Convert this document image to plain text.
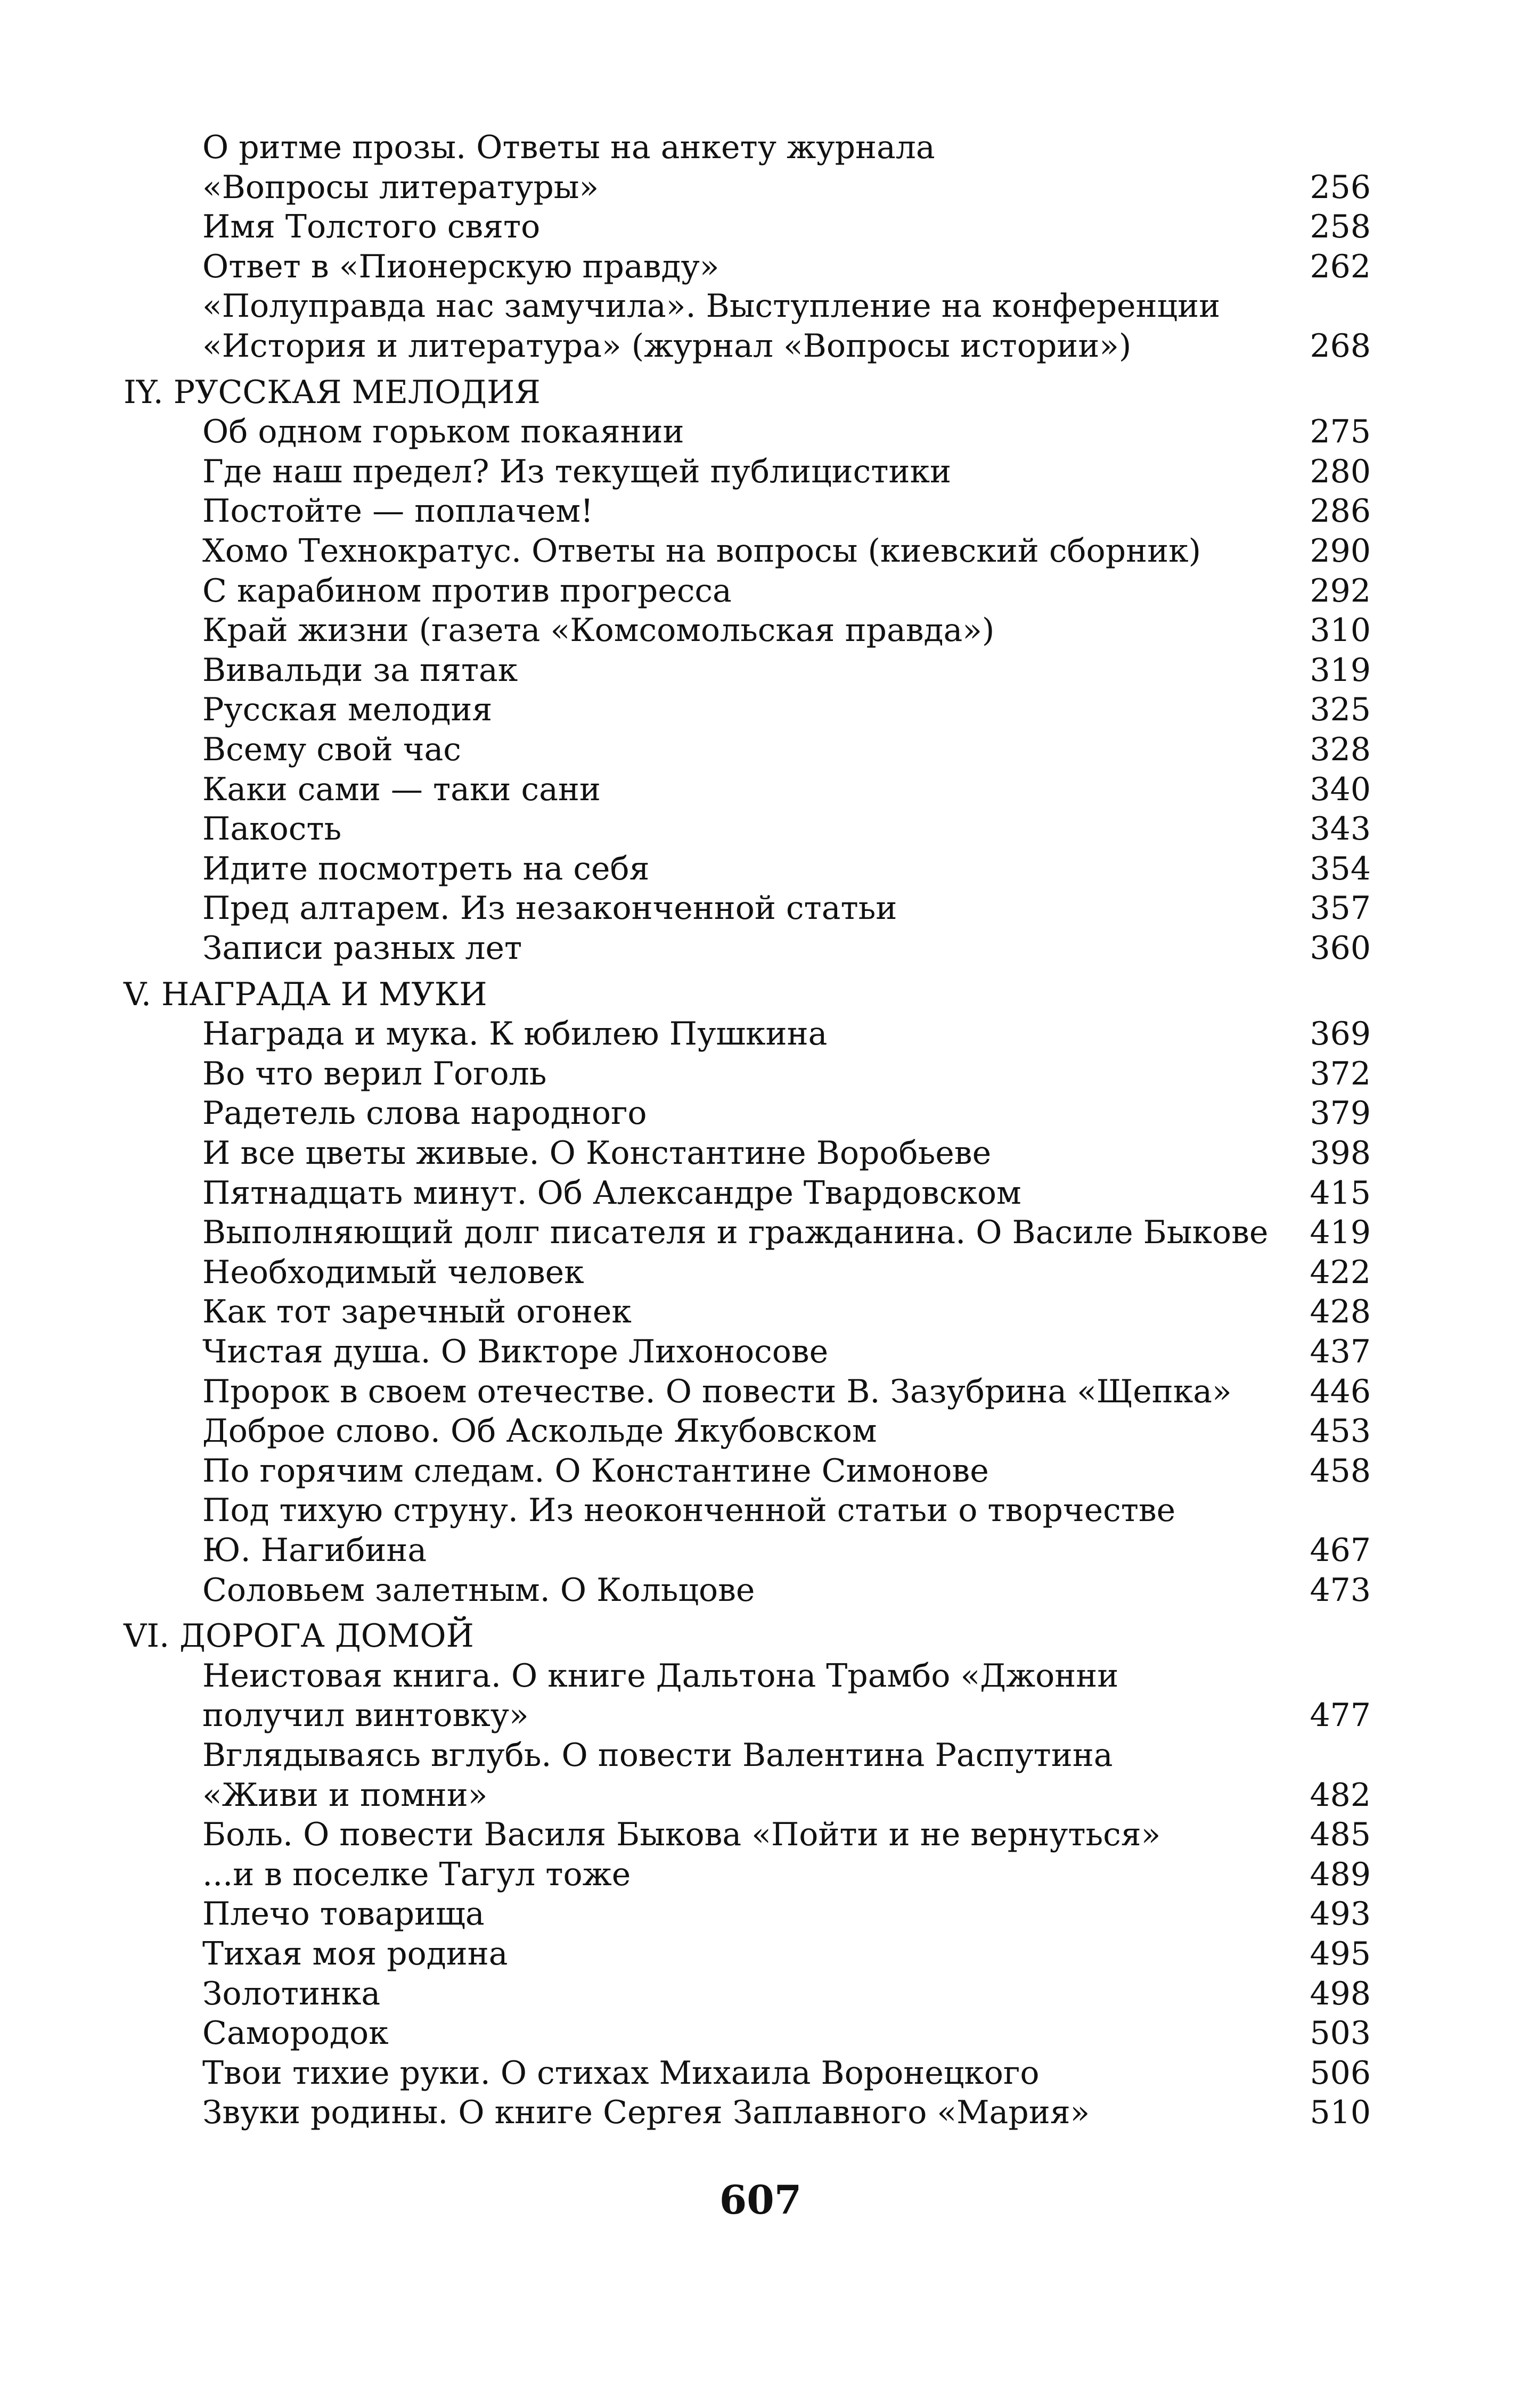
О ритме прозы. Ответы на анкету журнала
«Вопросы литературы»	256
Имя Толстого свято	258
Ответ в «Пионерскую правду»	262
«Полуправда нас замучила». Выступление на конференции
«История и литература» (журнал «Вопросы истории»)	268
IY. РУССКАЯ МЕЛОДИЯ
Об одном горьком покаянии	275
Где наш предел? Из текущей публицистики	280
Постойте — поплачем!	286
Хомо Технократус. Ответы на вопросы (киевский сборник)	290
С карабином против прогресса	292
Край жизни (газета «Комсомольская правда»)	310
Вивальди за пятак	319
Русская мелодия	325
Всему свой час	328
Каки сами — таки сани	340
Пакость	343
Идите посмотреть на себя	354
Пред алтарем. Из незаконченной статьи	357
Записи разных лет	360
V. НАГРАДА И МУКИ
Награда и мука. К юбилею Пушкина	369
Во что верил Гоголь	372
Радетель слова народного	379
И все цветы живые. О Константине Воробьеве	398
Пятнадцать минут. Об Александре Твардовском	415
Выполняющий долг писателя и гражданина. О Василе Быкове	419
Необходимый человек	422
Как тот заречный огонек	428
Чистая душа. О Викторе Лихоносове	437
Пророк в своем отечестве. О повести В. Зазубрина «Щепка»	446
Доброе слово. Об Аскольде Якубовском	453
По горячим следам. О Константине Симонове	458
Под тихую струну. Из неоконченной статьи о творчестве
Ю. Нагибина	467
Соловьем залетным. О Кольцове	473
VI. ДОРОГА ДОМОЙ
Неистовая книга. О книге Дальтона Трамбо «Джонни
получил винтовку»	477
Вглядываясь вглубь. О повести Валентина Распутина
«Живи и помни»	482
Боль. О повести Василя Быкова «Пойти и не вернуться»	485
...и в поселке Тагул тоже	489
Плечо товарища	493
Тихая моя родина	495
Золотинка	498
Самородок	503
Твои тихие руки. О стихах Михаила Воронецкого	506
Звуки родины. О книге Сергея Заплавного «Мария»	510
607
